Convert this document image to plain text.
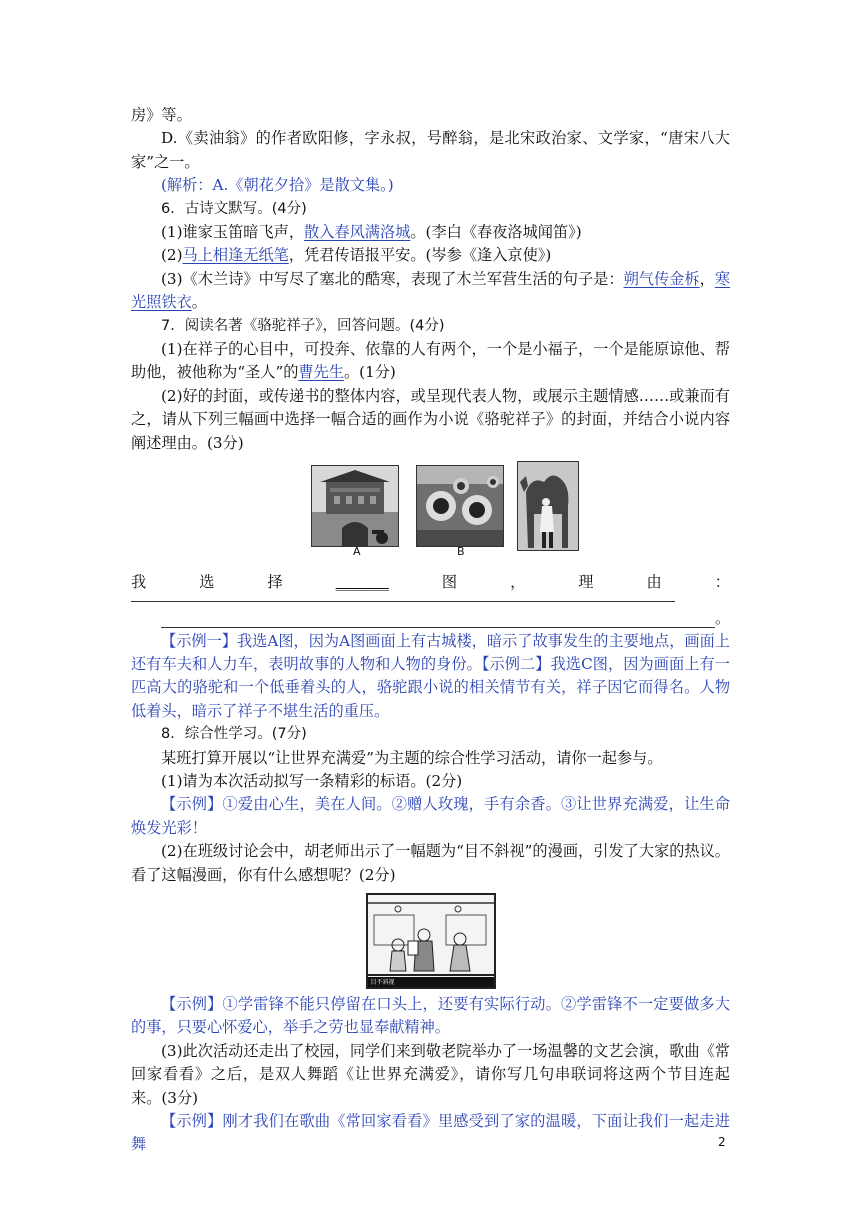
房》等。

D.《卖油翁》的作者欧阳修，字永叔，号醉翁，是北宋政治家、文学家，“唐宋八大家”之一。

(解析：A.《朝花夕拾》是散文集。)

6．古诗文默写。(4分)

(1)谁家玉笛暗飞声，散入春风满洛城。(李白《春夜洛城闻笛》)

(2)马上相逢无纸笔，凭君传语报平安。(岑参《逢入京使》)

(3)《木兰诗》中写尽了塞北的酷寒，表现了木兰军营生活的句子是：朔气传金柝，寒光照铁衣。

7．阅读名著《骆驼祥子》，回答问题。(4分)

(1)在祥子的心目中，可投奔、依靠的人有两个，一个是小福子，一个是能原谅他、帮助他，被他称为“圣人”的曹先生。(1分)

(2)好的封面，或传递书的整体内容，或呈现代表人物，或展示主题情感……或兼而有之，请从下列三幅画中选择一幅合适的画作为小说《骆驼祥子》的封面，并结合小说内容阐述理由。(3分)

A	B
我	选	择	_______	图	，	理	由	：
。

【示例一】我选A图，因为A图画面上有古城楼，暗示了故事发生的主要地点，画面上还有车夫和人力车，表明故事的人物和人物的身份。【示例二】我选C图，因为画面上有一匹高大的骆驼和一个低垂着头的人，骆驼跟小说的相关情节有关，祥子因它而得名。人物低着头，暗示了祥子不堪生活的重压。

8．综合性学习。(7分)

某班打算开展以“让世界充满爱”为主题的综合性学习活动，请你一起参与。

(1)请为本次活动拟写一条精彩的标语。(2分)

【示例】①爱由心生，美在人间。②赠人玫瑰，手有余香。③让世界充满爱，让生命焕发光彩！

(2)在班级讨论会中，胡老师出示了一幅题为“目不斜视”的漫画，引发了大家的热议。看了这幅漫画，你有什么感想呢？(2分)

目不斜视

【示例】①学雷锋不能只停留在口头上，还要有实际行动。②学雷锋不一定要做多大的事，只要心怀爱心，举手之劳也显奉献精神。

(3)此次活动还走出了校园，同学们来到敬老院举办了一场温馨的文艺会演，歌曲《常回家看看》之后，是双人舞蹈《让世界充满爱》，请你写几句串联词将这两个节目连起来。(3分)

【示例】刚才我们在歌曲《常回家看看》里感受到了家的温暖，下面让我们一起走进舞	2
